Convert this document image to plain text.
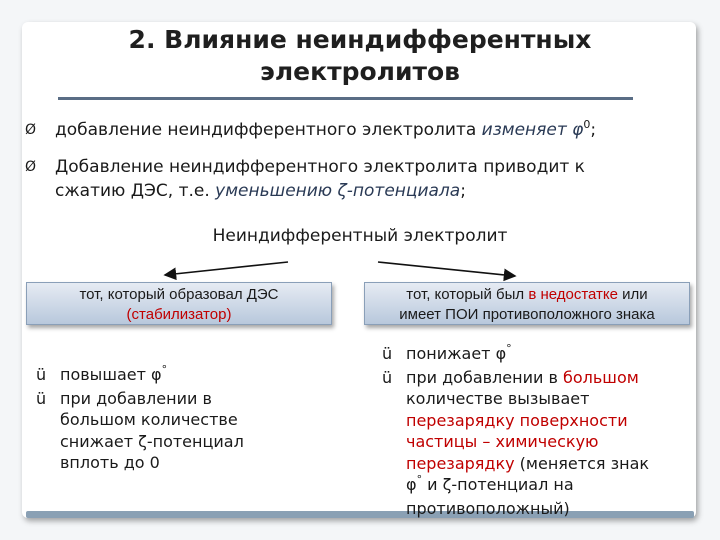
2. Влияние неиндифферентных
электролитов
Ø добавление неиндифферентного электролита изменяет $\varphi^0$;
Ø Добавление неиндифферентного электролита приводит к
сжатию ДЭС, т.е. уменьшению ζ-потенциала;
Неиндифферентный электролит
тот, который образовал ДЭС
(стабилизатор)
тот, который был в недостатке или
имеет ПОИ противоположного знака
ü повышает φ°
ü при добавлении в
большом количестве
снижает ζ-потенциал
вплоть до 0
ü понижает φ°
ü при добавлении в большом
количестве вызывает
перезарядку поверхности
частицы – химическую
перезарядку (меняется знак
φ° и ζ-потенциал на
противоположный)
